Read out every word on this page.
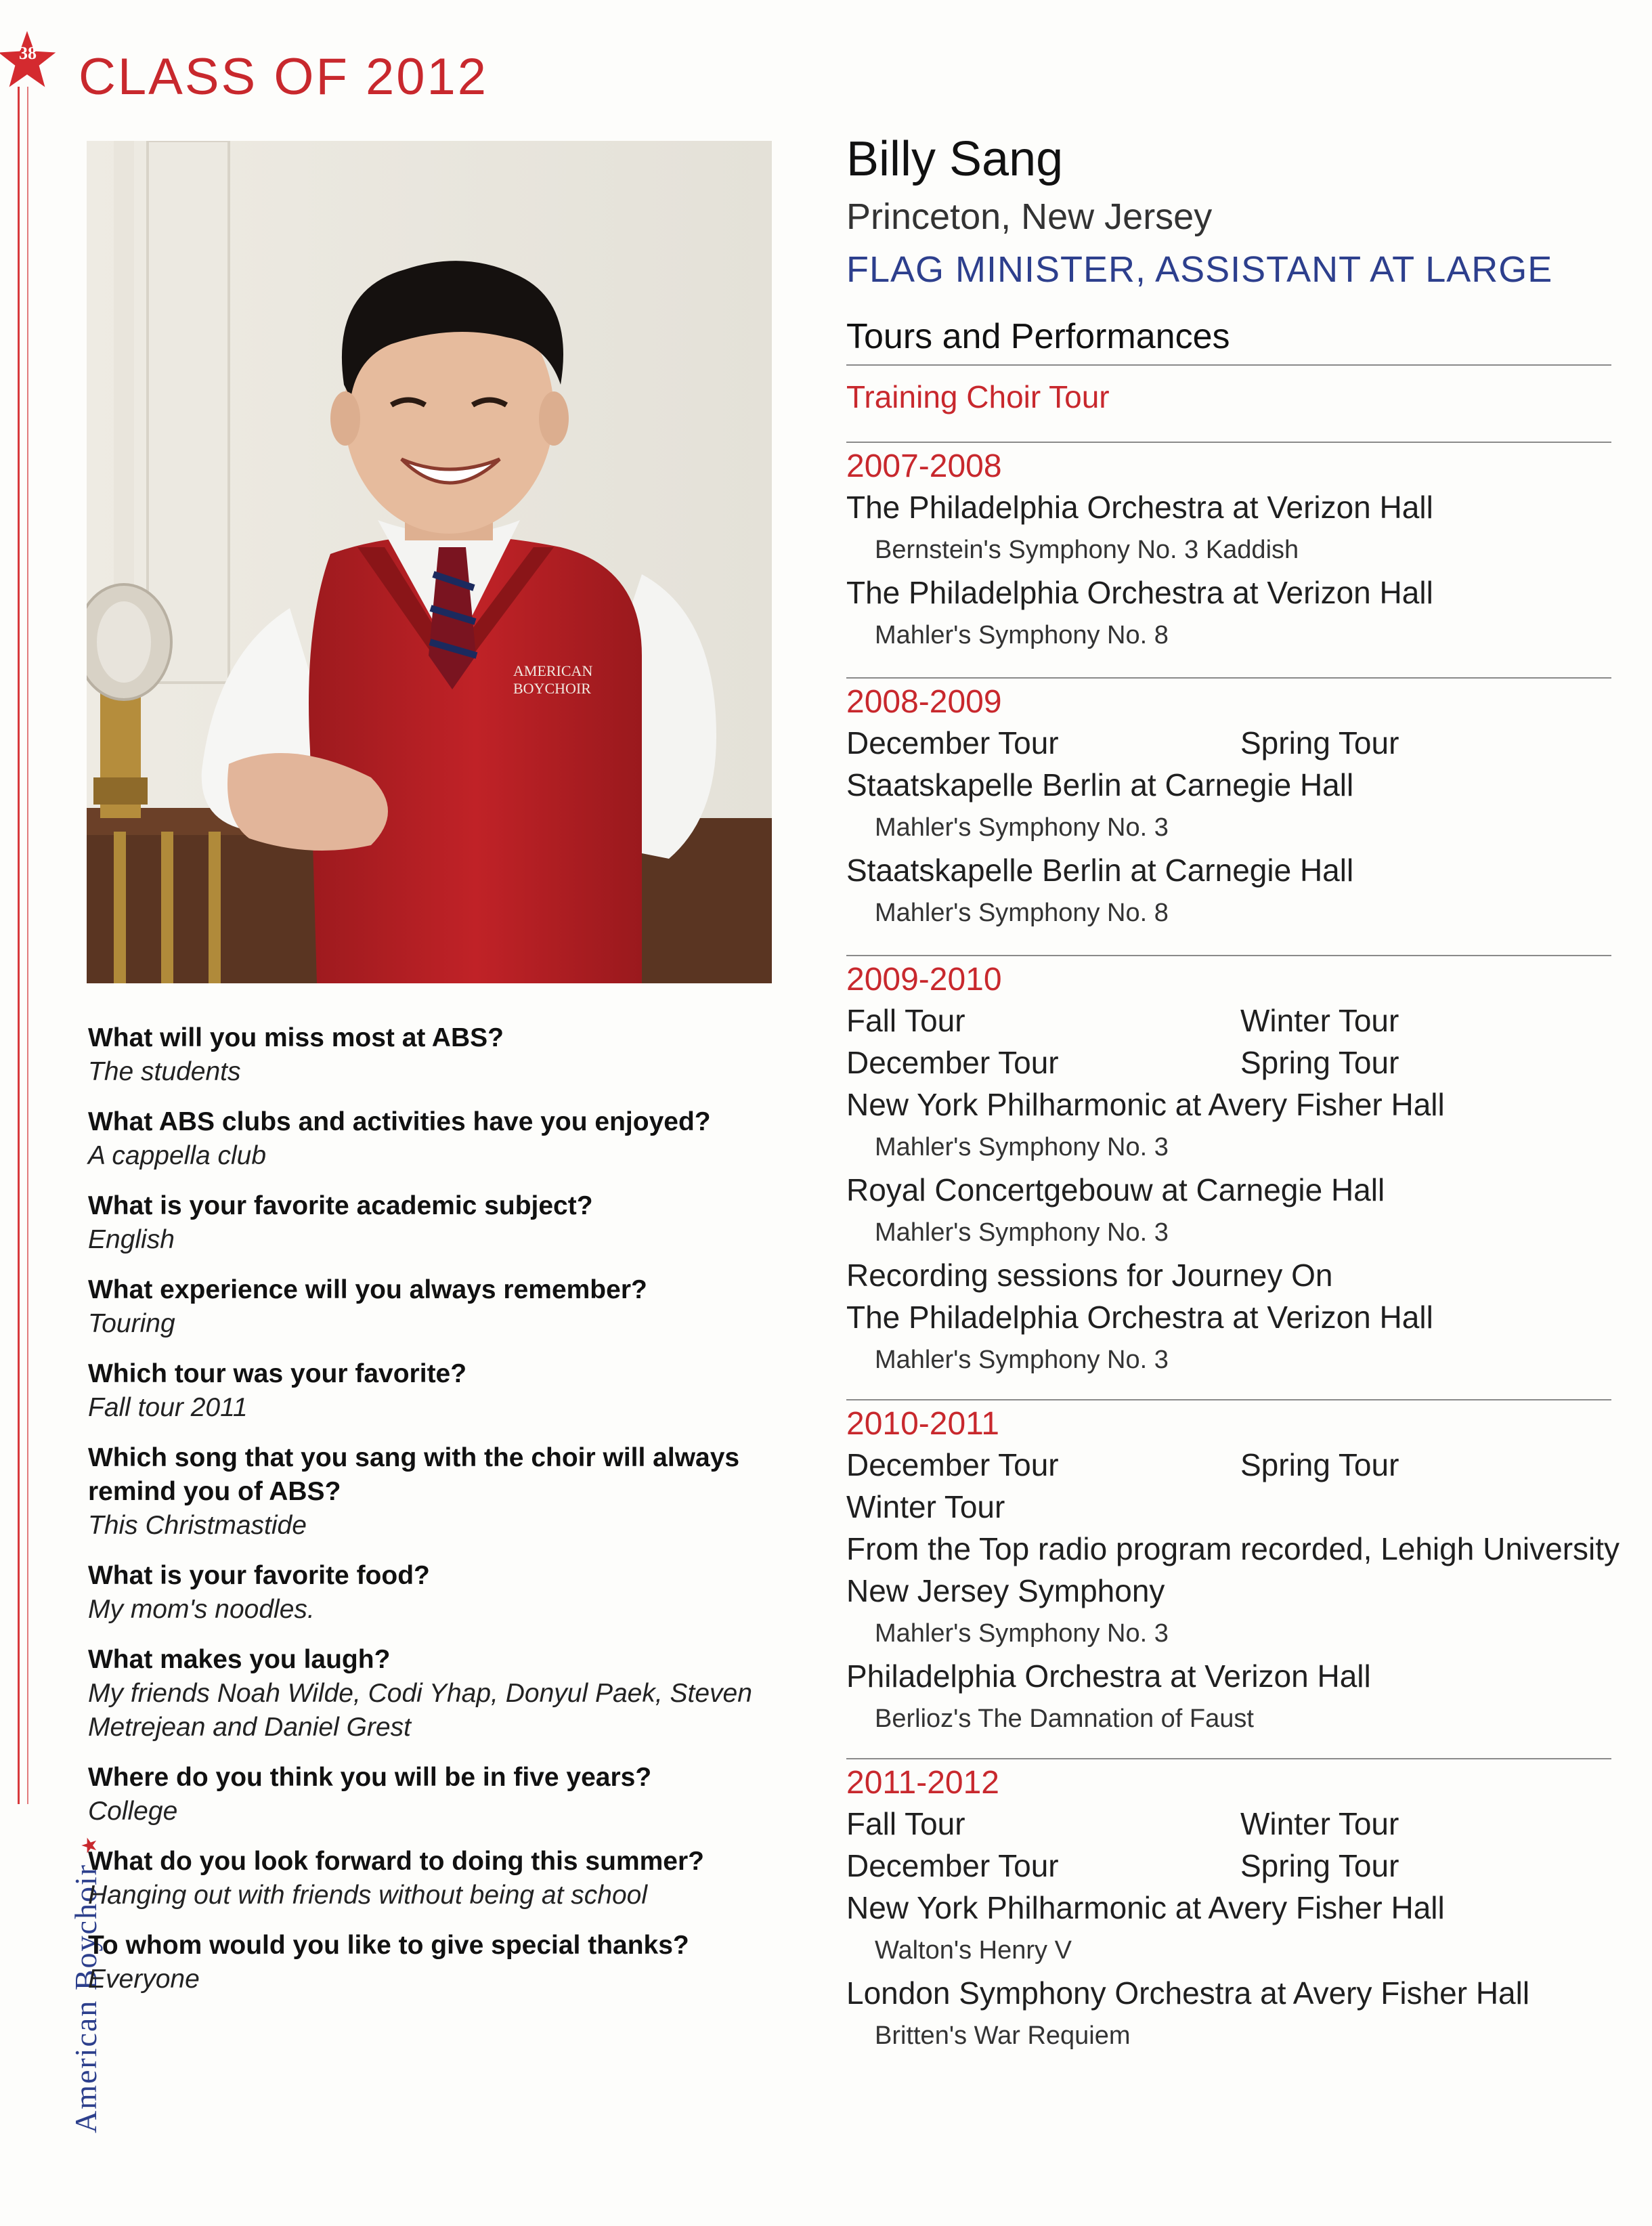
38 CLASS OF 2012
American Boychoir ★
AMERICAN
BOYCHOIR
What will you miss most at ABS?
The students
What ABS clubs and activities have you enjoyed?
A cappella club
What is your favorite academic subject?
English
What experience will you always remember?
Touring
Which tour was your favorite?
Fall tour 2011
Which song that you sang with the choir will always remind you of ABS?
This Christmastide
What is your favorite food?
My mom's noodles.
What makes you laugh?
My friends Noah Wilde, Codi Yhap, Donyul Paek, Steven Metrejean and Daniel Grest
Where do you think you will be in five years?
College
What do you look forward to doing this summer?
Hanging out with friends without being at school
To whom would you like to give special thanks?
Everyone
Billy Sang
Princeton, New Jersey
FLAG MINISTER, ASSISTANT AT LARGE
Tours and Performances
Training Choir Tour
2007-2008
The Philadelphia Orchestra at Verizon Hall
Bernstein's Symphony No. 3 Kaddish
The Philadelphia Orchestra at Verizon Hall
Mahler's Symphony No. 8
2008-2009
December Tour	Spring Tour
Staatskapelle Berlin at Carnegie Hall
Mahler's Symphony No. 3
Staatskapelle Berlin at Carnegie Hall
Mahler's Symphony No. 8
2009-2010
Fall Tour	Winter Tour
December Tour	Spring Tour
New York Philharmonic at Avery Fisher Hall
Mahler's Symphony No. 3
Royal Concertgebouw at Carnegie Hall
Mahler's Symphony No. 3
Recording sessions for Journey On
The Philadelphia Orchestra at Verizon Hall
Mahler's Symphony No. 3
2010-2011
December Tour	Spring Tour
Winter Tour
From the Top radio program recorded, Lehigh University
New Jersey Symphony
Mahler's Symphony No. 3
Philadelphia Orchestra at Verizon Hall
Berlioz's The Damnation of Faust
2011-2012
Fall Tour	Winter Tour
December Tour	Spring Tour
New York Philharmonic at Avery Fisher Hall
Walton's Henry V
London Symphony Orchestra at Avery Fisher Hall
Britten's War Requiem
